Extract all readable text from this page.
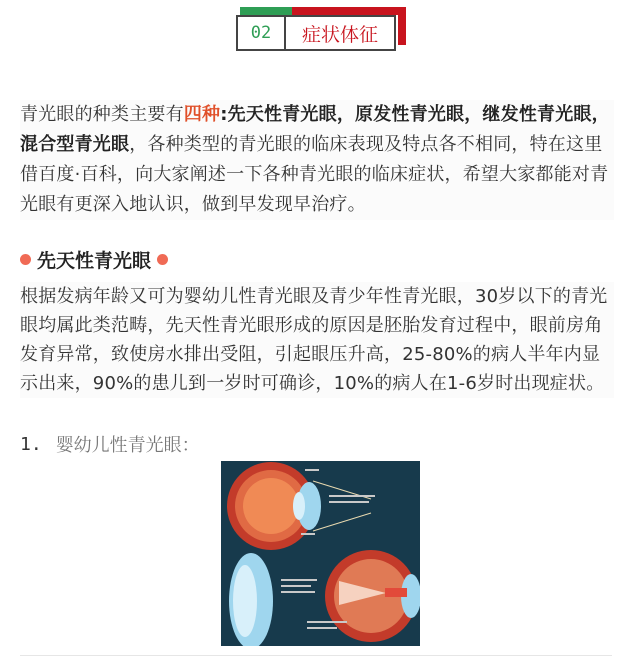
02	症状体征

青光眼的种类主要有四种:先天性青光眼，原发性青光眼，继发性青光眼，混合型青光眼，各种类型的青光眼的临床表现及特点各不相同，特在这里借百度·百科，向大家阐述一下各种青光眼的临床症状，希望大家都能对青光眼有更深入地认识，做到早发现早治疗。

先天性青光眼

根据发病年龄又可为婴幼儿性青光眼及青少年性青光眼，30岁以下的青光眼均属此类范畴，先天性青光眼形成的原因是胚胎发育过程中，眼前房角发育异常，致使房水排出受阻，引起眼压升高，25-80%的病人半年内显示出来，90%的患儿到一岁时可确诊，10%的病人在1-6岁时出现症状。

1. 婴幼儿性青光眼：
